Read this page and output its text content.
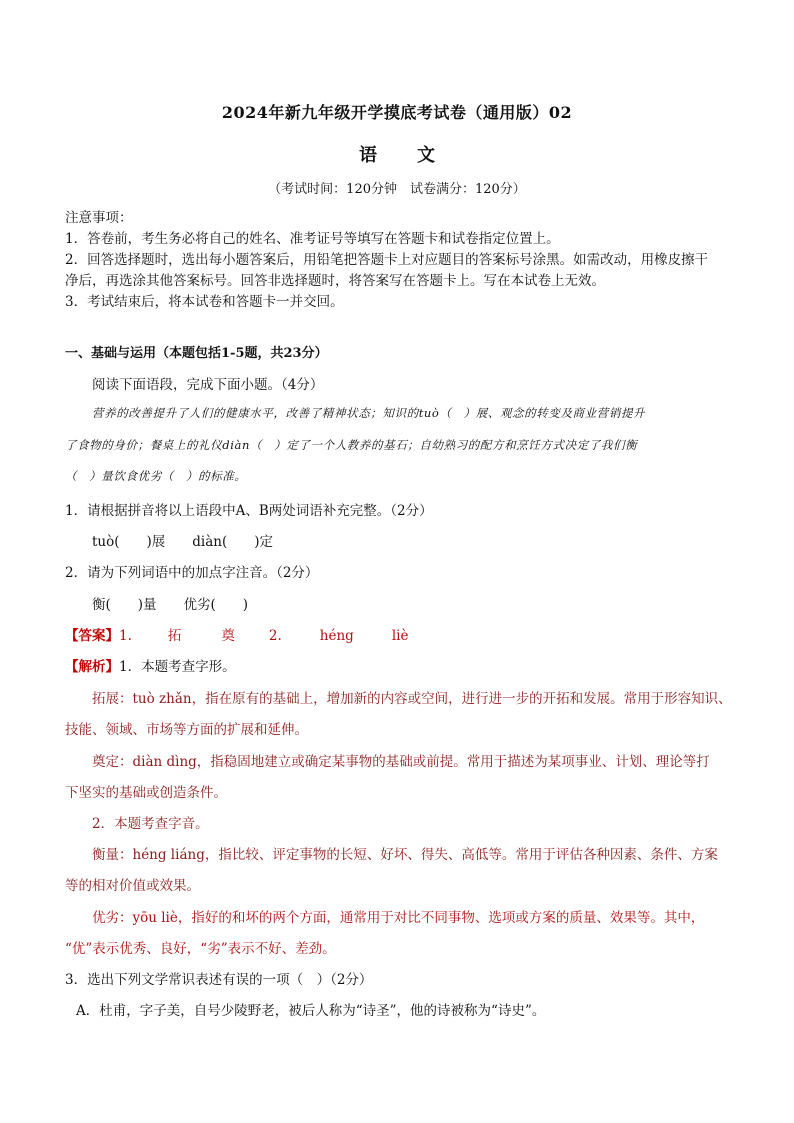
2024年新九年级开学摸底考试卷（通用版）02
语文
（考试时间：120分钟　试卷满分：120分）
注意事项：
1．答卷前，考生务必将自己的姓名、准考证号等填写在答题卡和试卷指定位置上。
2．回答选择题时，选出每小题答案后，用铅笔把答题卡上对应题目的答案标号涂黑。如需改动，用橡皮擦干
净后，再选涂其他答案标号。回答非选择题时，将答案写在答题卡上。写在本试卷上无效。
3．考试结束后，将本试卷和答题卡一并交回。
一、基础与运用（本题包括1-5题，共23分）
阅读下面语段，完成下面小题。（4分）
营养的改善提升了人们的健康水平，改善了精神状态；知识的tuò（　）展、观念的转变及商业营销提升
了食物的身价；餐桌上的礼仪diàn（　）定了一个人教养的基石；自幼熟习的配方和烹饪方式决定了我们衡
（　）量饮食优劣（　）的标准。
1．请根据拼音将以上语段中A、B两处词语补充完整。（2分）
tuò(　　)展　　diàn(　　)定
2．请为下列词语中的加点字注音。（2分）
衡(　　)量　　优劣(　　)
【答案】1.	拓	奠	2.	héng	liè
【解析】1．本题考查字形。
拓展：tuò zhǎn，指在原有的基础上，增加新的内容或空间，进行进一步的开拓和发展。常用于形容知识、
技能、领域、市场等方面的扩展和延伸。
奠定：diàn dìng，指稳固地建立或确定某事物的基础或前提。常用于描述为某项事业、计划、理论等打
下坚实的基础或创造条件。
2．本题考查字音。
衡量：héng liáng，指比较、评定事物的长短、好坏、得失、高低等。常用于评估各种因素、条件、方案
等的相对价值或效果。
优劣：yōu liè，指好的和坏的两个方面，通常用于对比不同事物、选项或方案的质量、效果等。其中，
“优”表示优秀、良好，“劣”表示不好、差劲。
3．选出下列文学常识表述有误的一项（　）（2分）
A．杜甫，字子美，自号少陵野老，被后人称为“诗圣”，他的诗被称为“诗史”。
